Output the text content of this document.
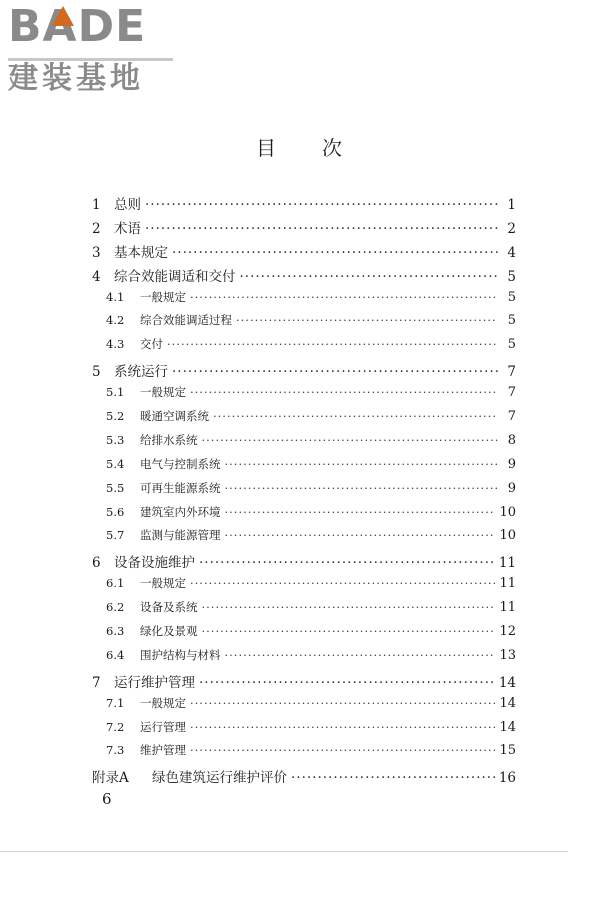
BADE
建装基地
目 次
1 总则 ·····	1
2 术语 ·····	2
3 基本规定 ·····	4
4 综合效能调适和交付 ·····	5
4.1	一般规定 ·····	5
4.2	综合效能调适过程 ·····	5
4.3	交付 ·····	5
5 系统运行 ·····	7
5.1	一般规定 ·····	7
5.2	暖通空调系统 ·····	7
5.3	给排水系统 ·····	8
5.4	电气与控制系统 ·····	9
5.5	可再生能源系统 ·····	9
5.6	建筑室内外环境 ·····	10
5.7	监测与能源管理 ·····	10
6 设备设施维护 ·····	11
6.1	一般规定 ·····	11
6.2	设备及系统 ·····	11
6.3	绿化及景观 ·····	12
6.4	围护结构与材料 ·····	13
7 运行维护管理 ·····	14
7.1	一般规定 ·····	14
7.2	运行管理 ·····	14
7.3	维护管理 ·····	15
附录A	绿色建筑运行维护评价 ·····	16
6
